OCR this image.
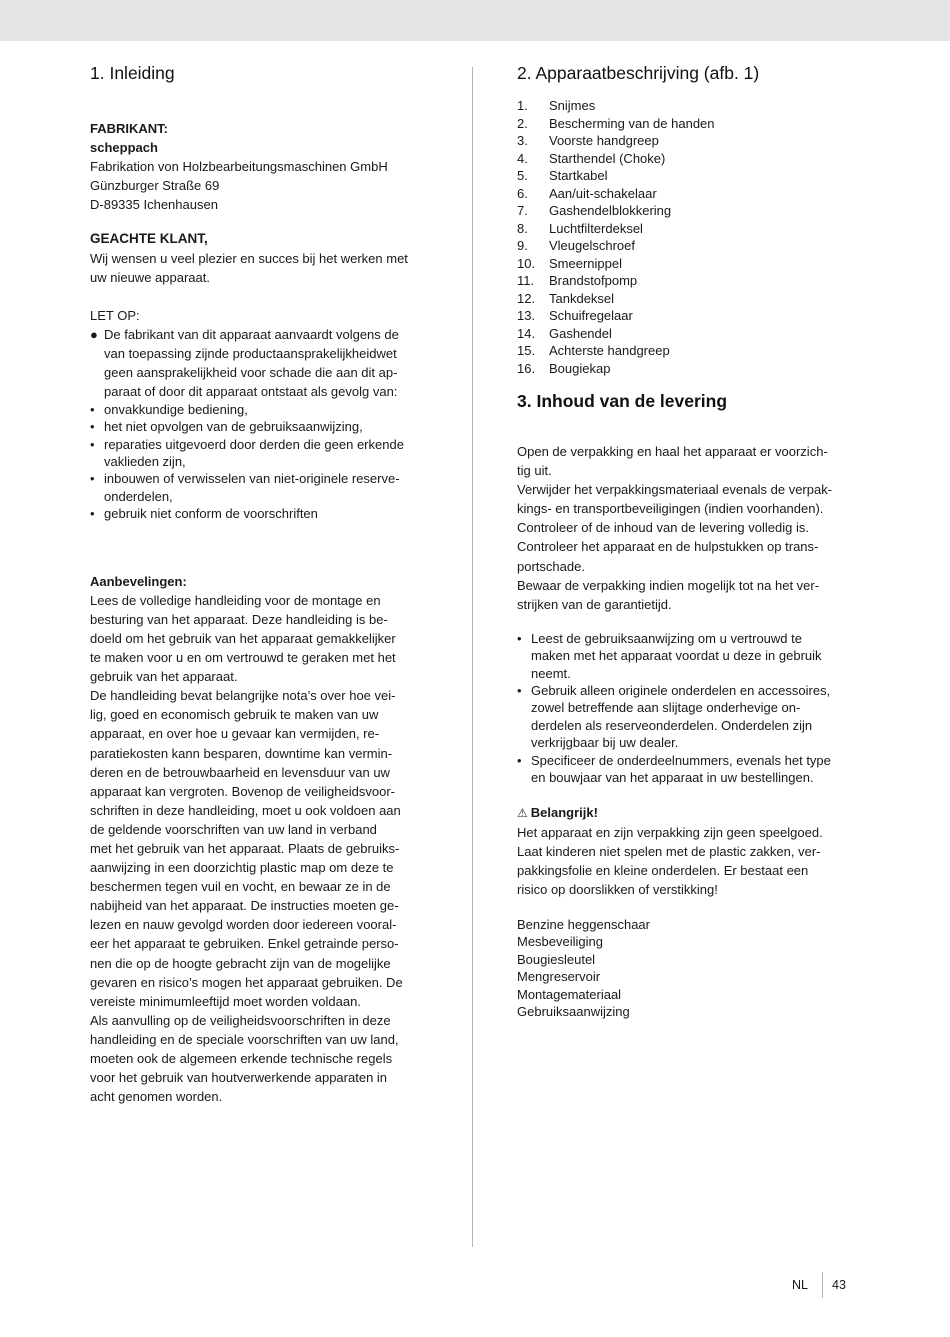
1. Inleiding

FABRIKANT:

scheppach

Fabrikation von Holzbearbeitungsmaschinen GmbH

Günzburger Straße 69

D-89335 Ichenhausen

GEACHTE KLANT,

Wij wensen u veel plezier en succes bij het werken met

uw nieuwe apparaat.

LET OP:

● De fabrikant van dit apparaat aanvaardt volgens de
van toepassing zijnde productaansprakelijkheidwet
geen aansprakelijkheid voor schade die aan dit ap-
paraat of door dit apparaat ontstaat als gevolg van:
• onvakkundige bediening,
• het niet opvolgen van de gebruiksaanwijzing,
• reparaties uitgevoerd door derden die geen erkende
vaklieden zijn,
• inbouwen of verwisselen van niet-originele reserve-
onderdelen,
• gebruik niet conform de voorschriften

Aanbevelingen:

Lees de volledige handleiding voor de montage en

besturing van het apparaat. Deze handleiding is be-

doeld om het gebruik van het apparaat gemakkelijker

te maken voor u en om vertrouwd te geraken met het

gebruik van het apparaat.

De handleiding bevat belangrijke nota’s over hoe vei-

lig, goed en economisch gebruik te maken van uw

apparaat, en over hoe u gevaar kan vermijden, re-

paratiekosten kann besparen, downtime kan vermin-

deren en de betrouwbaarheid en levensduur van uw

apparaat kan vergroten. Bovenop de veiligheidsvoor-

schriften in deze handleiding, moet u ook voldoen aan

de geldende voorschriften van uw land in verband

met het gebruik van het apparaat. Plaats de gebruiks-

aanwijzing in een doorzichtig plastic map om deze te

beschermen tegen vuil en vocht, en bewaar ze in de

nabijheid van het apparaat. De instructies moeten ge-

lezen en nauw gevolgd worden door iedereen vooral-

eer het apparaat te gebruiken. Enkel getrainde perso-

nen die op de hoogte gebracht zijn van de mogelijke

gevaren en risico’s mogen het apparaat gebruiken. De

vereiste minimumleeftijd moet worden voldaan.

Als aanvulling op de veiligheidsvoorschriften in deze

handleiding en de speciale voorschriften van uw land,

moeten ook de algemeen erkende technische regels

voor het gebruik van houtverwerkende apparaten in

acht genomen worden.

2. Apparaatbeschrijving (afb. 1)
1. Snijmes
2. Bescherming van de handen
3. Voorste handgreep
4. Starthendel (Choke)
5. Startkabel
6. Aan/uit-schakelaar
7. Gashendelblokkering
8. Luchtfilterdeksel
9. Vleugelschroef
10. Smeernippel
11. Brandstofpomp
12. Tankdeksel
13. Schuifregelaar
14. Gashendel
15. Achterste handgreep
16. Bougiekap
3. Inhoud van de levering

Open de verpakking en haal het apparaat er voorzich-

tig uit.

Verwijder het verpakkingsmateriaal evenals de verpak-

kings- en transportbeveiligingen (indien voorhanden).

Controleer of de inhoud van de levering volledig is.

Controleer het apparaat en de hulpstukken op trans-

portschade.

Bewaar de verpakking indien mogelijk tot na het ver-

strijken van de garantietijd.

• Leest de gebruiksaanwijzing om u vertrouwd te
maken met het apparaat voordat u deze in gebruik
neemt.
• Gebruik alleen originele onderdelen en accessoires,
zowel betreffende aan slijtage onderhevige on-
derdelen als reserveonderdelen. Onderdelen zijn
verkrijgbaar bij uw dealer.
• Specificeer de onderdeelnummers, evenals het type
en bouwjaar van het apparaat in uw bestellingen.

⚠ Belangrijk!

Het apparaat en zijn verpakking zijn geen speelgoed.

Laat kinderen niet spelen met de plastic zakken, ver-

pakkingsfolie en kleine onderdelen. Er bestaat een

risico op doorslikken of verstikking!

Benzine heggenschaar

Mesbeveiliging

Bougiesleutel

Mengreservoir

Montagemateriaal

Gebruiksaanwijzing

NL 43
